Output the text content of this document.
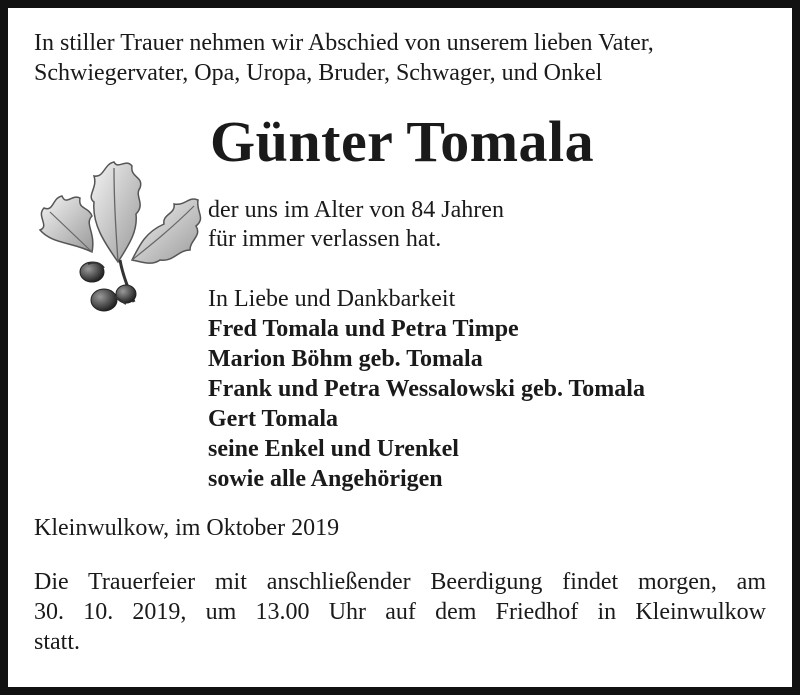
In stiller Trauer nehmen wir Abschied von unserem lieben Vater,
Schwiegervater, Opa, Uropa, Bruder, Schwager, und Onkel
Günter Tomala
der uns im Alter von 84 Jahren
für immer verlassen hat.
In Liebe und Dankbarkeit
Fred Tomala und Petra Timpe
Marion Böhm geb. Tomala
Frank und Petra Wessalowski geb. Tomala
Gert Tomala
seine Enkel und Urenkel
sowie alle Angehörigen
Kleinwulkow, im Oktober 2019
Die Trauerfeier mit anschließender Beerdigung findet morgen, am
30. 10. 2019, um 13.00 Uhr auf dem Friedhof in Kleinwulkow
statt.
